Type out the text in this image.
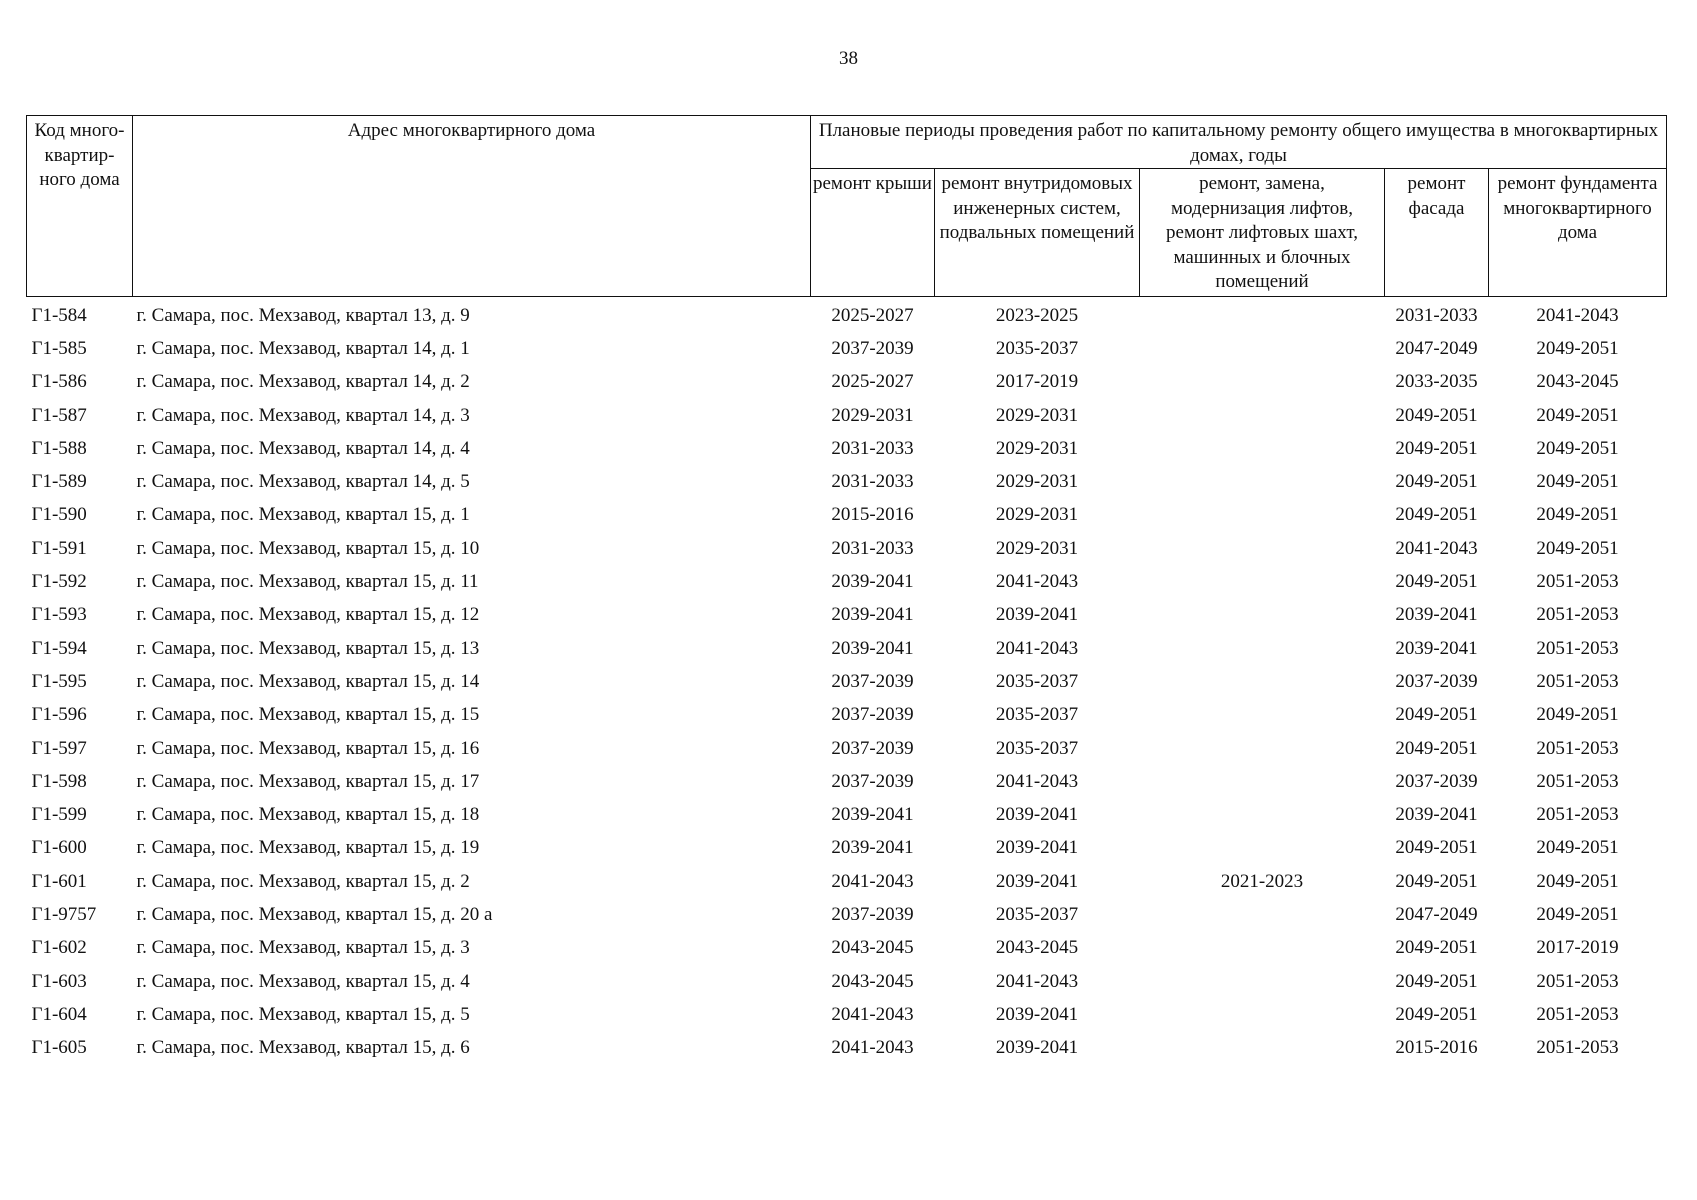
38
Код много-квартир-ного дома	Адрес многоквартирного дома	Плановые периоды проведения работ по капитальному ремонту общего имущества в многоквартирных домах, годы				
		ремонт крыши	ремонт внутридомовых инженерных систем, подвальных помещений	ремонт, замена, модернизация лифтов, ремонт лифтовых шахт, машинных и блочных помещений	ремонт фасада	ремонт фундамента многоквартирного дома
Г1-584	г. Самара, пос. Мехзавод, квартал 13, д. 9	2025-2027	2023-2025		2031-2033	2041-2043
Г1-585	г. Самара, пос. Мехзавод, квартал 14, д. 1	2037-2039	2035-2037		2047-2049	2049-2051
Г1-586	г. Самара, пос. Мехзавод, квартал 14, д. 2	2025-2027	2017-2019		2033-2035	2043-2045
Г1-587	г. Самара, пос. Мехзавод, квартал 14, д. 3	2029-2031	2029-2031		2049-2051	2049-2051
Г1-588	г. Самара, пос. Мехзавод, квартал 14, д. 4	2031-2033	2029-2031		2049-2051	2049-2051
Г1-589	г. Самара, пос. Мехзавод, квартал 14, д. 5	2031-2033	2029-2031		2049-2051	2049-2051
Г1-590	г. Самара, пос. Мехзавод, квартал 15, д. 1	2015-2016	2029-2031		2049-2051	2049-2051
Г1-591	г. Самара, пос. Мехзавод, квартал 15, д. 10	2031-2033	2029-2031		2041-2043	2049-2051
Г1-592	г. Самара, пос. Мехзавод, квартал 15, д. 11	2039-2041	2041-2043		2049-2051	2051-2053
Г1-593	г. Самара, пос. Мехзавод, квартал 15, д. 12	2039-2041	2039-2041		2039-2041	2051-2053
Г1-594	г. Самара, пос. Мехзавод, квартал 15, д. 13	2039-2041	2041-2043		2039-2041	2051-2053
Г1-595	г. Самара, пос. Мехзавод, квартал 15, д. 14	2037-2039	2035-2037		2037-2039	2051-2053
Г1-596	г. Самара, пос. Мехзавод, квартал 15, д. 15	2037-2039	2035-2037		2049-2051	2049-2051
Г1-597	г. Самара, пос. Мехзавод, квартал 15, д. 16	2037-2039	2035-2037		2049-2051	2051-2053
Г1-598	г. Самара, пос. Мехзавод, квартал 15, д. 17	2037-2039	2041-2043		2037-2039	2051-2053
Г1-599	г. Самара, пос. Мехзавод, квартал 15, д. 18	2039-2041	2039-2041		2039-2041	2051-2053
Г1-600	г. Самара, пос. Мехзавод, квартал 15, д. 19	2039-2041	2039-2041		2049-2051	2049-2051
Г1-601	г. Самара, пос. Мехзавод, квартал 15, д. 2	2041-2043	2039-2041	2021-2023	2049-2051	2049-2051
Г1-9757	г. Самара, пос. Мехзавод, квартал 15, д. 20 а	2037-2039	2035-2037		2047-2049	2049-2051
Г1-602	г. Самара, пос. Мехзавод, квартал 15, д. 3	2043-2045	2043-2045		2049-2051	2017-2019
Г1-603	г. Самара, пос. Мехзавод, квартал 15, д. 4	2043-2045	2041-2043		2049-2051	2051-2053
Г1-604	г. Самара, пос. Мехзавод, квартал 15, д. 5	2041-2043	2039-2041		2049-2051	2051-2053
Г1-605	г. Самара, пос. Мехзавод, квартал 15, д. 6	2041-2043	2039-2041		2015-2016	2051-2053
